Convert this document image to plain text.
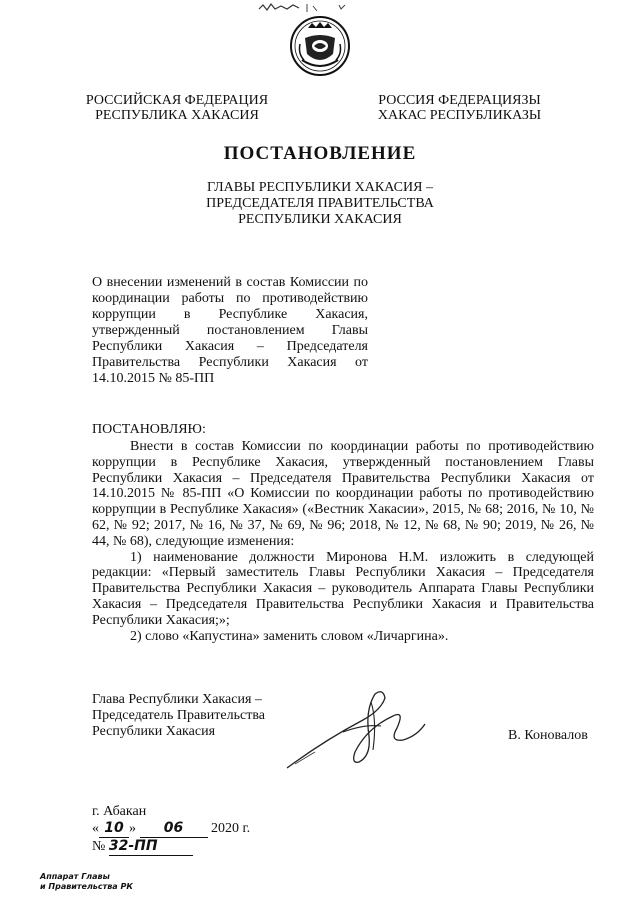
РОССИЙСКАЯ ФЕДЕРАЦИЯ
РЕСПУБЛИКА ХАКАСИЯ
РОССИЯ ФЕДЕРАЦИЯЗЫ
ХАКАС РЕСПУБЛИКАЗЫ
ПОСТАНОВЛЕНИЕ
ГЛАВЫ РЕСПУБЛИКИ ХАКАСИЯ –
ПРЕДСЕДАТЕЛЯ ПРАВИТЕЛЬСТВА
РЕСПУБЛИКИ ХАКАСИЯ
О внесении изменений в состав Комиссии по координации работы по противодействию коррупции в Республике Хакасия, утвержденный постановлением Главы Республики Хакасия – Председателя Правительства Республики Хакасия от 14.10.2015 № 85-ПП
ПОСТАНОВЛЯЮ:

Внести в состав Комиссии по координации работы по противодействию коррупции в Республике Хакасия, утвержденный постановлением Главы Республики Хакасия – Председателя Правительства Республики Хакасия от 14.10.2015 № 85-ПП «О Комиссии по координации работы по противодействию коррупции в Республике Хакасия» («Вестник Хакасии», 2015, № 68; 2016, № 10, № 62, № 92; 2017, № 16, № 37, № 69, № 96; 2018, № 12, № 68, № 90; 2019, № 26, № 44, № 68), следующие изменения:

1) наименование должности Миронова Н.М. изложить в следующей редакции: «Первый заместитель Главы Республики Хакасия – Председателя Правительства Республики Хакасия – руководитель Аппарата Главы Республики Хакасия – Председателя Правительства Республики Хакасия и Правительства Республики Хакасия;»;

2) слово «Капустина» заменить словом «Личаргина».

Глава Республики Хакасия –
Председатель Правительства
Республики Хакасия	В. Коновалов
г. Абакан
« 10 » 06 2020 г.
№ 32-ПП
Аппарат Главы
и Правительства РК
